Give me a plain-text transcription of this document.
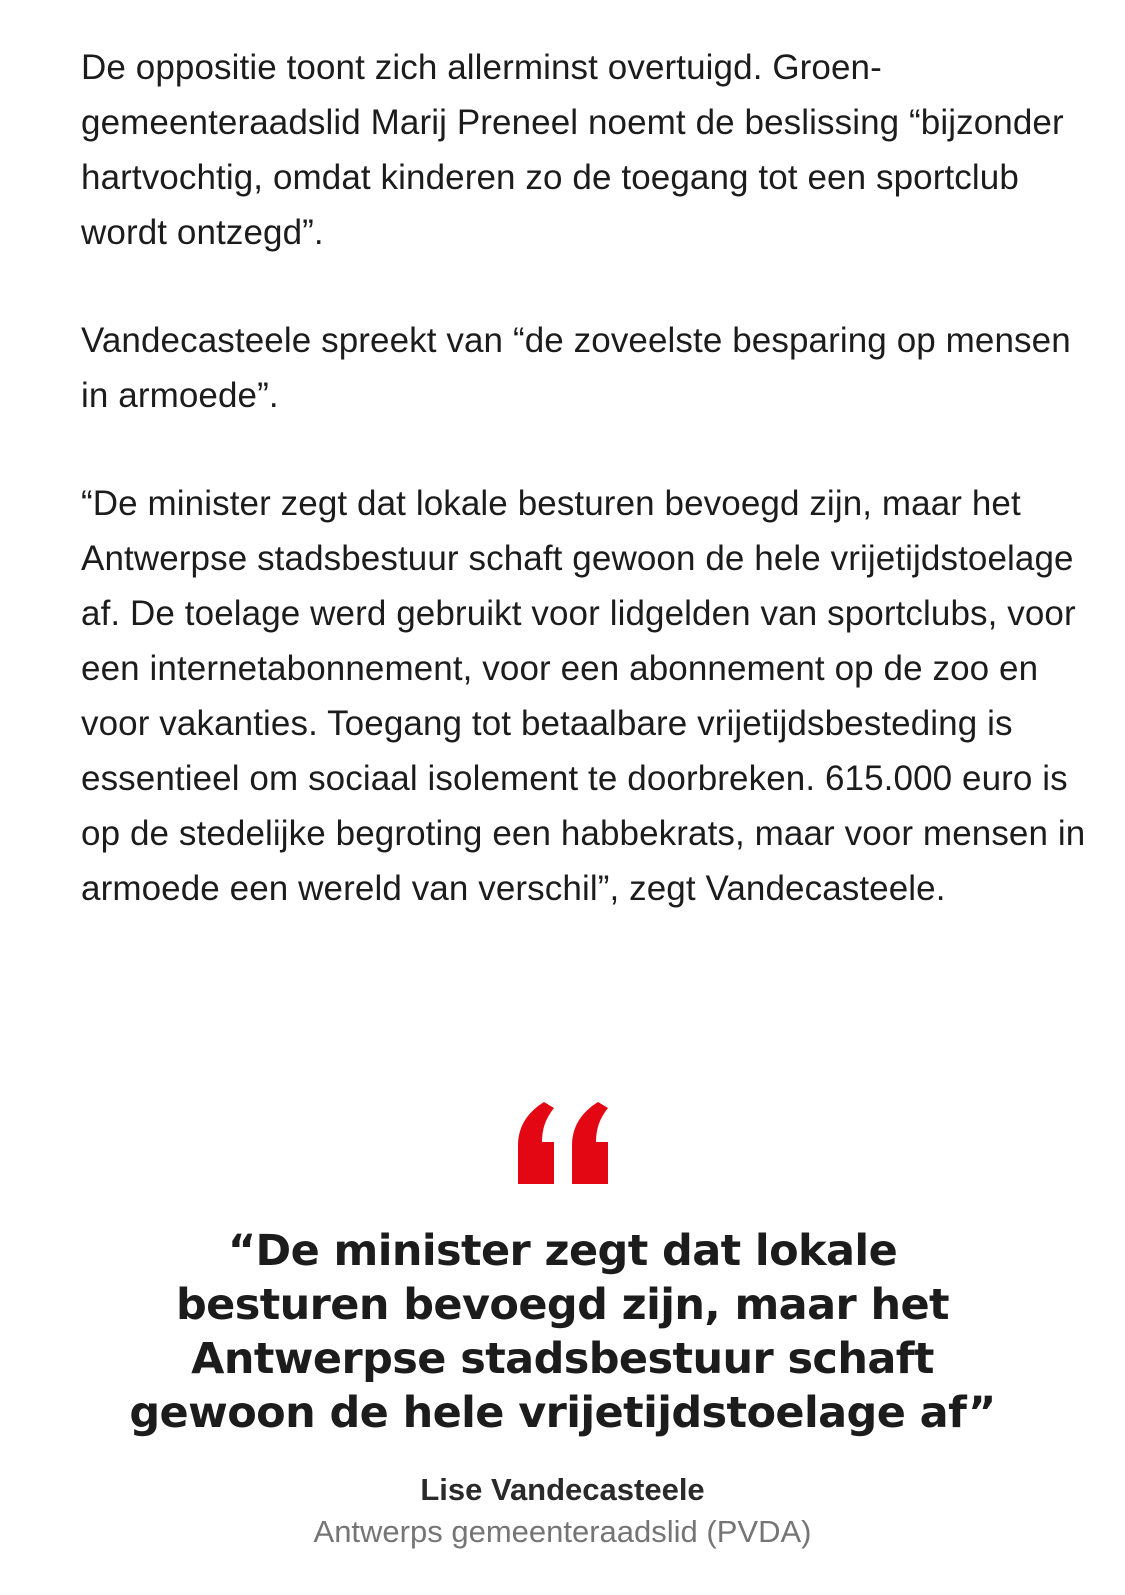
De oppositie toont zich allerminst overtuigd. Groen-gemeenteraadslid Marij Preneel noemt de beslissing “bijzonder hartvochtig, omdat kinderen zo de toegang tot een sportclub wordt ontzegd”.

Vandecasteele spreekt van “de zoveelste besparing op mensen in armoede”.

“De minister zegt dat lokale besturen bevoegd zijn, maar het Antwerpse stadsbestuur schaft gewoon de hele vrijetijdstoelage af. De toelage werd gebruikt voor lidgelden van sportclubs, voor een internetabonnement, voor een abonnement op de zoo en voor vakanties. Toegang tot betaalbare vrijetijdsbesteding is essentieel om sociaal isolement te doorbreken. 615.000 euro is op de stedelijke begroting een habbekrats, maar voor mensen in armoede een wereld van verschil”, zegt Vandecasteele.

“De minister zegt dat lokale besturen bevoegd zijn, maar het Antwerpse stadsbestuur schaft gewoon de hele vrijetijdstoelage af”
Lise Vandecasteele
Antwerps gemeenteraadslid (PVDA)
